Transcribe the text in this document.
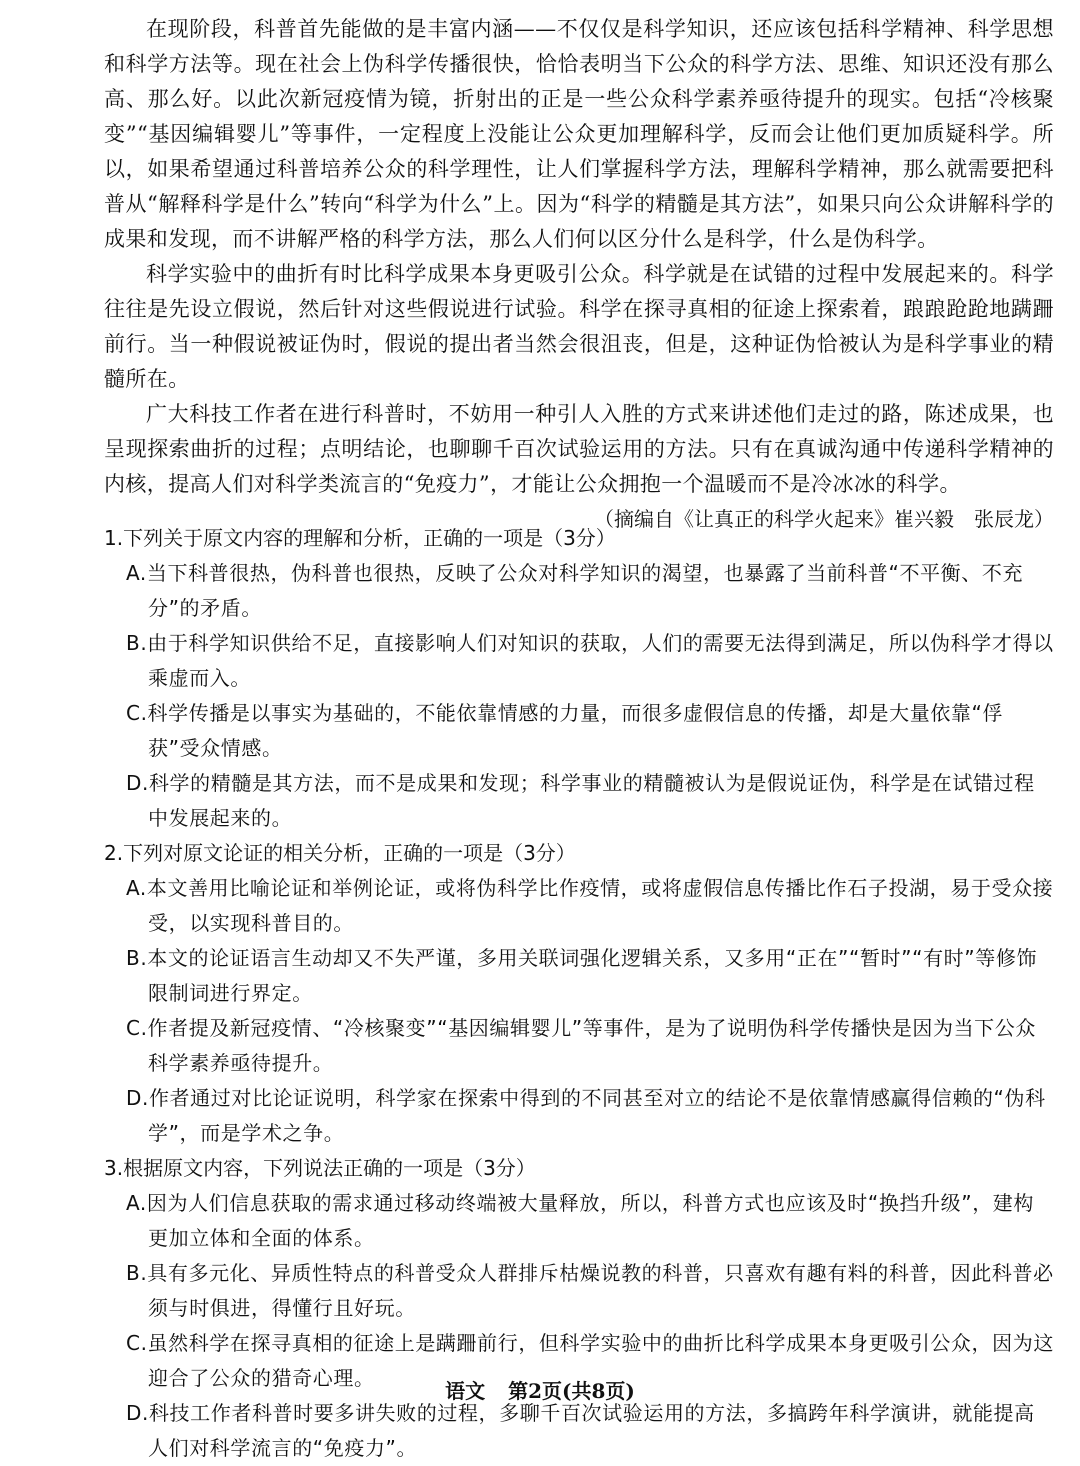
在现阶段，科普首先能做的是丰富内涵——不仅仅是科学知识，还应该包括科学精神、科学思想和科学方法等。现在社会上伪科学传播很快，恰恰表明当下公众的科学方法、思维、知识还没有那么高、那么好。以此次新冠疫情为镜，折射出的正是一些公众科学素养亟待提升的现实。包括“冷核聚变”“基因编辑婴儿”等事件，一定程度上没能让公众更加理解科学，反而会让他们更加质疑科学。所以，如果希望通过科普培养公众的科学理性，让人们掌握科学方法，理解科学精神，那么就需要把科普从“解释科学是什么”转向“科学为什么”上。因为“科学的精髓是其方法”，如果只向公众讲解科学的成果和发现，而不讲解严格的科学方法，那么人们何以区分什么是科学，什么是伪科学。

科学实验中的曲折有时比科学成果本身更吸引公众。科学就是在试错的过程中发展起来的。科学往往是先设立假说，然后针对这些假说进行试验。科学在探寻真相的征途上探索着，踉踉跄跄地蹒跚前行。当一种假说被证伪时，假说的提出者当然会很沮丧，但是，这种证伪恰被认为是科学事业的精髓所在。

广大科技工作者在进行科普时，不妨用一种引人入胜的方式来讲述他们走过的路，陈述成果，也呈现探索曲折的过程；点明结论，也聊聊千百次试验运用的方法。只有在真诚沟通中传递科学精神的内核，提高人们对科学类流言的“免疫力”，才能让公众拥抱一个温暖而不是冷冰冰的科学。

（摘编自《让真正的科学火起来》崔兴毅　张辰龙）

1.下列关于原文内容的理解和分析，正确的一项是（3分）

A.当下科普很热，伪科普也很热，反映了公众对科学知识的渴望，也暴露了当前科普“不平衡、不充分”的矛盾。

B.由于科学知识供给不足，直接影响人们对知识的获取，人们的需要无法得到满足，所以伪科学才得以乘虚而入。

C.科学传播是以事实为基础的，不能依靠情感的力量，而很多虚假信息的传播，却是大量依靠“俘获”受众情感。

D.科学的精髓是其方法，而不是成果和发现；科学事业的精髓被认为是假说证伪，科学是在试错过程中发展起来的。

2.下列对原文论证的相关分析，正确的一项是（3分）

A.本文善用比喻论证和举例论证，或将伪科学比作疫情，或将虚假信息传播比作石子投湖，易于受众接受，以实现科普目的。

B.本文的论证语言生动却又不失严谨，多用关联词强化逻辑关系，又多用“正在”“暂时”“有时”等修饰限制词进行界定。

C.作者提及新冠疫情、“冷核聚变”“基因编辑婴儿”等事件，是为了说明伪科学传播快是因为当下公众科学素养亟待提升。

D.作者通过对比论证说明，科学家在探索中得到的不同甚至对立的结论不是依靠情感赢得信赖的“伪科学”，而是学术之争。

3.根据原文内容，下列说法正确的一项是（3分）

A.因为人们信息获取的需求通过移动终端被大量释放，所以，科普方式也应该及时“换挡升级”，建构更加立体和全面的体系。

B.具有多元化、异质性特点的科普受众人群排斥枯燥说教的科普，只喜欢有趣有料的科普，因此科普必须与时俱进，得懂行且好玩。

C.虽然科学在探寻真相的征途上是蹒跚前行，但科学实验中的曲折比科学成果本身更吸引公众，因为这迎合了公众的猎奇心理。

D.科技工作者科普时要多讲失败的过程，多聊千百次试验运用的方法，多搞跨年科学演讲，就能提高人们对科学流言的“免疫力”。

语文 第2页(共8页)
